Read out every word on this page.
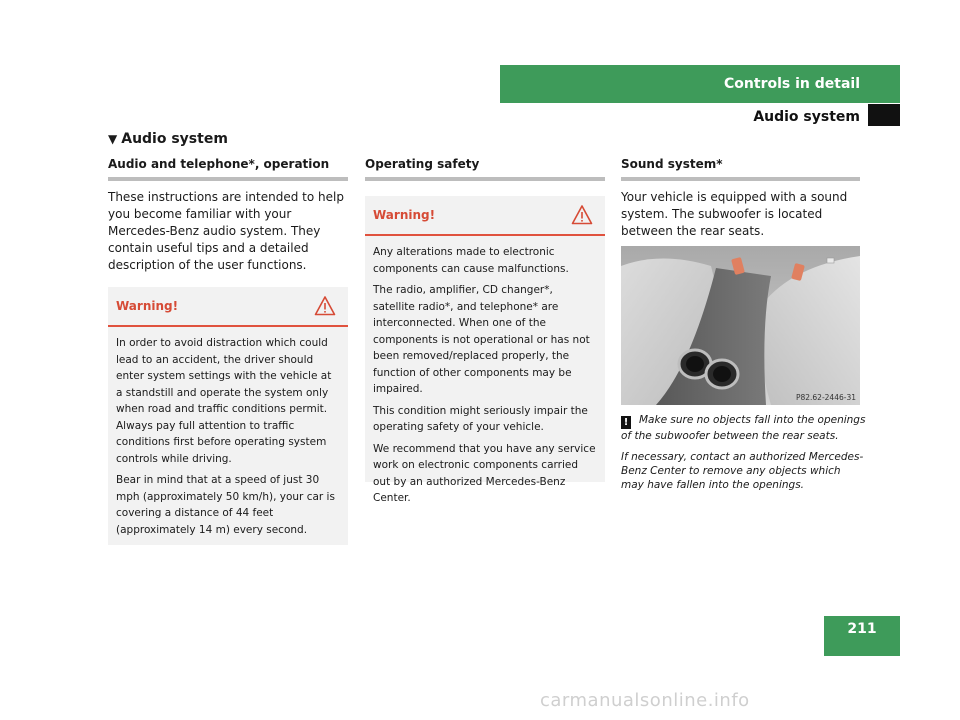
Controls in detail
Audio system
▼ Audio system
Audio and telephone*, operation

These instructions are intended to help you become familiar with your Mercedes-Benz audio system. They contain useful tips and a detailed description of the user functions.

Warning!

In order to avoid distraction which could lead to an accident, the driver should enter system settings with the vehicle at a standstill and operate the system only when road and traffic conditions permit. Always pay full attention to traffic conditions first before operating system controls while driving.

Bear in mind that at a speed of just 30 mph (approximately 50 km/h), your car is covering a distance of 44 feet (approximately 14 m) every second.

Operating safety
Warning!

Any alterations made to electronic components can cause malfunctions.

The radio, amplifier, CD changer*, satellite radio*, and telephone* are interconnected. When one of the components is not operational or has not been removed/replaced properly, the function of other components may be impaired.

This condition might seriously impair the operating safety of your vehicle.

We recommend that you have any service work on electronic components carried out by an authorized Mercedes-Benz Center.

Sound system*

Your vehicle is equipped with a sound system. The subwoofer is located between the rear seats.

P82.62-2446-31

! Make sure no objects fall into the openings of the subwoofer between the rear seats.

If necessary, contact an authorized Mercedes-Benz Center to remove any objects which may have fallen into the openings.

211
carmanualsonline.info
